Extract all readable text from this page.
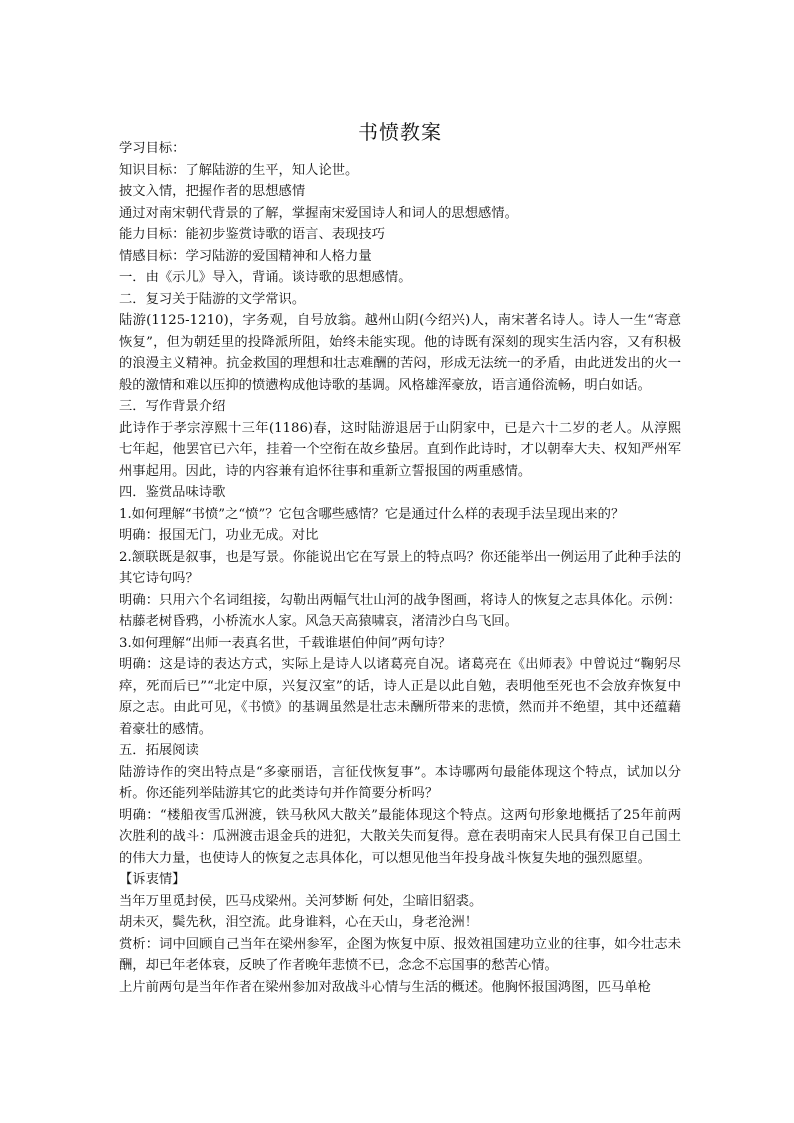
书愤教案

学习目标：

知识目标：了解陆游的生平，知人论世。

披文入情，把握作者的思想感情

通过对南宋朝代背景的了解，掌握南宋爱国诗人和词人的思想感情。

能力目标：能初步鉴赏诗歌的语言、表现技巧

情感目标：学习陆游的爱国精神和人格力量

一．由《示儿》导入，背诵。谈诗歌的思想感情。

二．复习关于陆游的文学常识。

陆游(1125-1210)，字务观，自号放翁。越州山阴(今绍兴)人，南宋著名诗人。诗人一生“寄意恢复”，但为朝廷里的投降派所阻，始终未能实现。他的诗既有深刻的现实生活内容，又有积极的浪漫主义精神。抗金救国的理想和壮志难酬的苦闷，形成无法统一的矛盾，由此迸发出的火一般的激情和难以压抑的愤懑构成他诗歌的基调。风格雄浑豪放，语言通俗流畅，明白如话。

三．写作背景介绍

此诗作于孝宗淳熙十三年(1186)春，这时陆游退居于山阴家中，已是六十二岁的老人。从淳熙七年起，他罢官已六年，挂着一个空衔在故乡蛰居。直到作此诗时，才以朝奉大夫、权知严州军州事起用。因此，诗的内容兼有追怀往事和重新立誓报国的两重感情。

四．鉴赏品味诗歌

1.如何理解“书愤”之“愤”？它包含哪些感情？它是通过什么样的表现手法呈现出来的？

明确：报国无门，功业无成。对比

2.颔联既是叙事，也是写景。你能说出它在写景上的特点吗？你还能举出一例运用了此种手法的其它诗句吗？

明确：只用六个名词组接，勾勒出两幅气壮山河的战争图画，将诗人的恢复之志具体化。示例：枯藤老树昏鸦，小桥流水人家。风急天高猿啸哀，渚清沙白鸟飞回。

3.如何理解“出师一表真名世，千载谁堪伯仲间”两句诗？

明确：这是诗的表达方式，实际上是诗人以诸葛亮自况。诸葛亮在《出师表》中曾说过“鞠躬尽瘁，死而后已”“北定中原，兴复汉室”的话，诗人正是以此自勉，表明他至死也不会放弃恢复中原之志。由此可见，《书愤》的基调虽然是壮志未酬所带来的悲愤，然而并不绝望，其中还蕴藉着豪壮的感情。

五．拓展阅读

陆游诗作的突出特点是“多豪丽语，言征伐恢复事”。本诗哪两句最能体现这个特点，试加以分析。你还能列举陆游其它的此类诗句并作简要分析吗？

明确：“楼船夜雪瓜洲渡，铁马秋风大散关”最能体现这个特点。这两句形象地概括了25年前两次胜利的战斗：瓜洲渡击退金兵的进犯，大散关失而复得。意在表明南宋人民具有保卫自己国土的伟大力量，也使诗人的恢复之志具体化，可以想见他当年投身战斗恢复失地的强烈愿望。

【诉衷情】

当年万里觅封侯，匹马戍梁州。关河梦断 何处，尘暗旧貂裘。

胡未灭，鬓先秋，泪空流。此身谁料，心在天山，身老沧洲！

赏析：词中回顾自己当年在梁州参军，企图为恢复中原、报效祖国建功立业的往事，如今壮志未酬，却已年老体衰，反映了作者晚年悲愤不已，念念不忘国事的愁苦心情。

上片前两句是当年作者在梁州参加对敌战斗心情与生活的概述。他胸怀报国鸿图，匹马单枪
